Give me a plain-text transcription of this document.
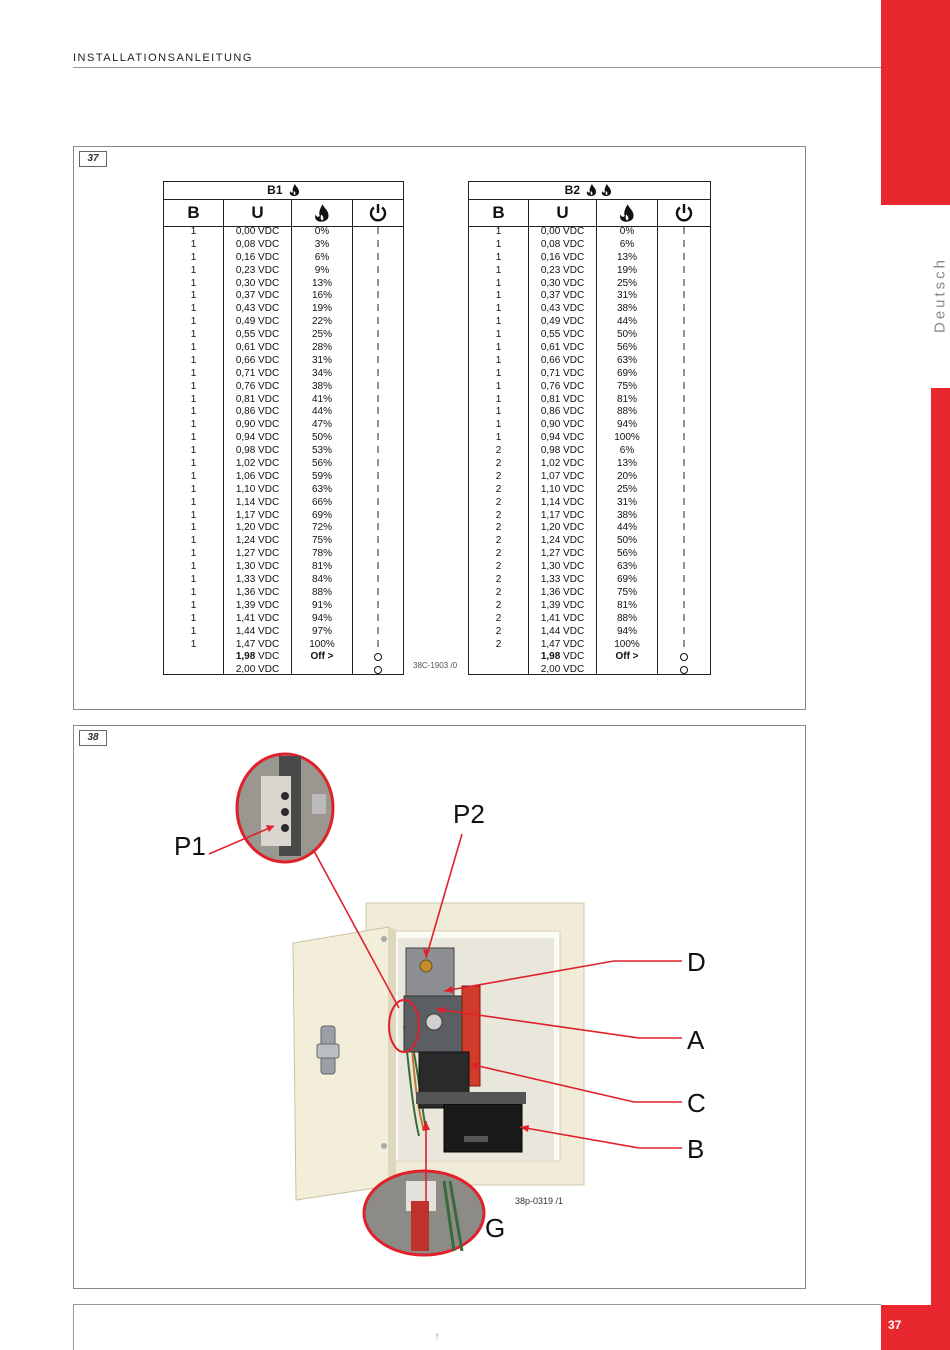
Deutsch
INSTALLATIONSANLEITUNG
37
B1
B	U
1
1
1
1
1
1
1
1
1
1
1
1
1
1
1
1
1
1
1
1
1
1
1
1
1
1
1
1
1
1
1
1
1
0,00 VDC
0,08 VDC
0,16 VDC
0,23 VDC
0,30 VDC
0,37 VDC
0,43 VDC
0,49 VDC
0,55 VDC
0,61 VDC
0,66 VDC
0,71 VDC
0,76 VDC
0,81 VDC
0,86 VDC
0,90 VDC
0,94 VDC
0,98 VDC
1,02 VDC
1,06 VDC
1,10 VDC
1,14 VDC
1,17 VDC
1,20 VDC
1,24 VDC
1,27 VDC
1,30 VDC
1,33 VDC
1,36 VDC
1,39 VDC
1,41 VDC
1,44 VDC
1,47 VDC
1,98 VDC
2,00 VDC
0%
3%
6%
9%
13%
16%
19%
22%
25%
28%
31%
34%
38%
41%
44%
47%
50%
53%
56%
59%
63%
66%
69%
72%
75%
78%
81%
84%
88%
91%
94%
97%
100%
Off >
I
I
I
I
I
I
I
I
I
I
I
I
I
I
I
I
I
I
I
I
I
I
I
I
I
I
I
I
I
I
I
I
I
38C-1903 /0
B2
B	U
1
1
1
1
1
1
1
1
1
1
1
1
1
1
1
1
1
2
2
2
2
2
2
2
2
2
2
2
2
2
2
2
2
0,00 VDC
0,08 VDC
0,16 VDC
0,23 VDC
0,30 VDC
0,37 VDC
0,43 VDC
0,49 VDC
0,55 VDC
0,61 VDC
0,66 VDC
0,71 VDC
0,76 VDC
0,81 VDC
0,86 VDC
0,90 VDC
0,94 VDC
0,98 VDC
1,02 VDC
1,07 VDC
1,10 VDC
1,14 VDC
1,17 VDC
1,20 VDC
1,24 VDC
1,27 VDC
1,30 VDC
1,33 VDC
1,36 VDC
1,39 VDC
1,41 VDC
1,44 VDC
1,47 VDC
1,98 VDC
2,00 VDC
0%
6%
13%
19%
25%
31%
38%
44%
50%
56%
63%
69%
75%
81%
88%
94%
100%
6%
13%
20%
25%
31%
38%
44%
50%
56%
63%
69%
75%
81%
88%
94%
100%
Off >
I
I
I
I
I
I
I
I
I
I
I
I
I
I
I
I
I
I
I
I
I
I
I
I
I
I
I
I
I
I
I
I
I
38
P1
P2
D
A
C
B
G
38p-0319 /1
!
37
